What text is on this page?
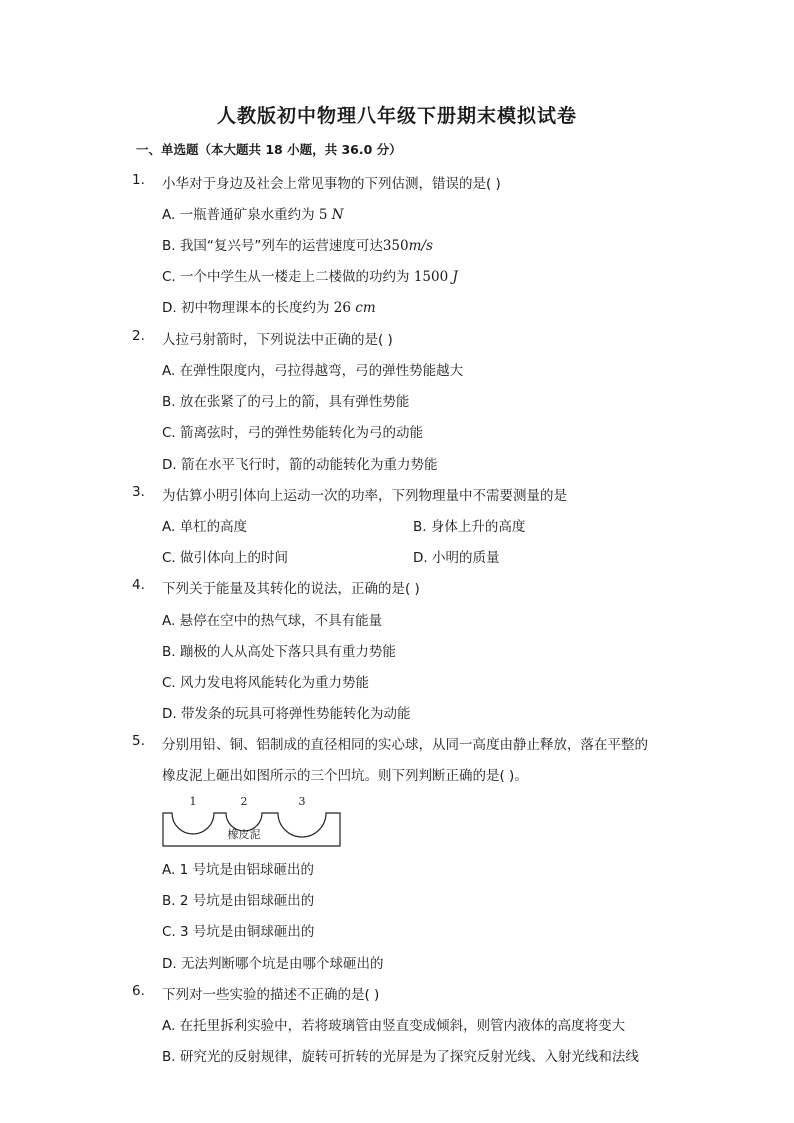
人教版初中物理八年级下册期末模拟试卷
一、单选题（本大题共 18 小题，共 36.0 分）
1. 小华对于身边及社会上常见事物的下列估测，错误的是( )
A. 一瓶普通矿泉水重约为 5 N
B. 我国“复兴号”列车的运营速度可达350m/s
C. 一个中学生从一楼走上二楼做的功约为 1500 J
D. 初中物理课本的长度约为 26 cm
2. 人拉弓射箭时，下列说法中正确的是( )
A. 在弹性限度内，弓拉得越弯，弓的弹性势能越大
B. 放在张紧了的弓上的箭，具有弹性势能
C. 箭离弦时，弓的弹性势能转化为弓的动能
D. 箭在水平飞行时，箭的动能转化为重力势能
3. 为估算小明引体向上运动一次的功率，下列物理量中不需要测量的是
A. 单杠的高度	B. 身体上升的高度
C. 做引体向上的时间	D. 小明的质量
4. 下列关于能量及其转化的说法，正确的是( )
A. 悬停在空中的热气球，不具有能量
B. 蹦极的人从高处下落只具有重力势能
C. 风力发电将风能转化为重力势能
D. 带发条的玩具可将弹性势能转化为动能
5. 分别用铅、铜、铝制成的直径相同的实心球，从同一高度由静止释放，落在平整的
橡皮泥上砸出如图所示的三个凹坑。则下列判断正确的是( )。
1	2	3
橡皮泥
A. 1 号坑是由铝球砸出的
B. 2 号坑是由铝球砸出的
C. 3 号坑是由铜球砸出的
D. 无法判断哪个坑是由哪个球砸出的
6. 下列对一些实验的描述不正确的是( )
A. 在托里拆利实验中，若将玻璃管由竖直变成倾斜，则管内液体的高度将变大
B. 研究光的反射规律，旋转可折转的光屏是为了探究反射光线、入射光线和法线
